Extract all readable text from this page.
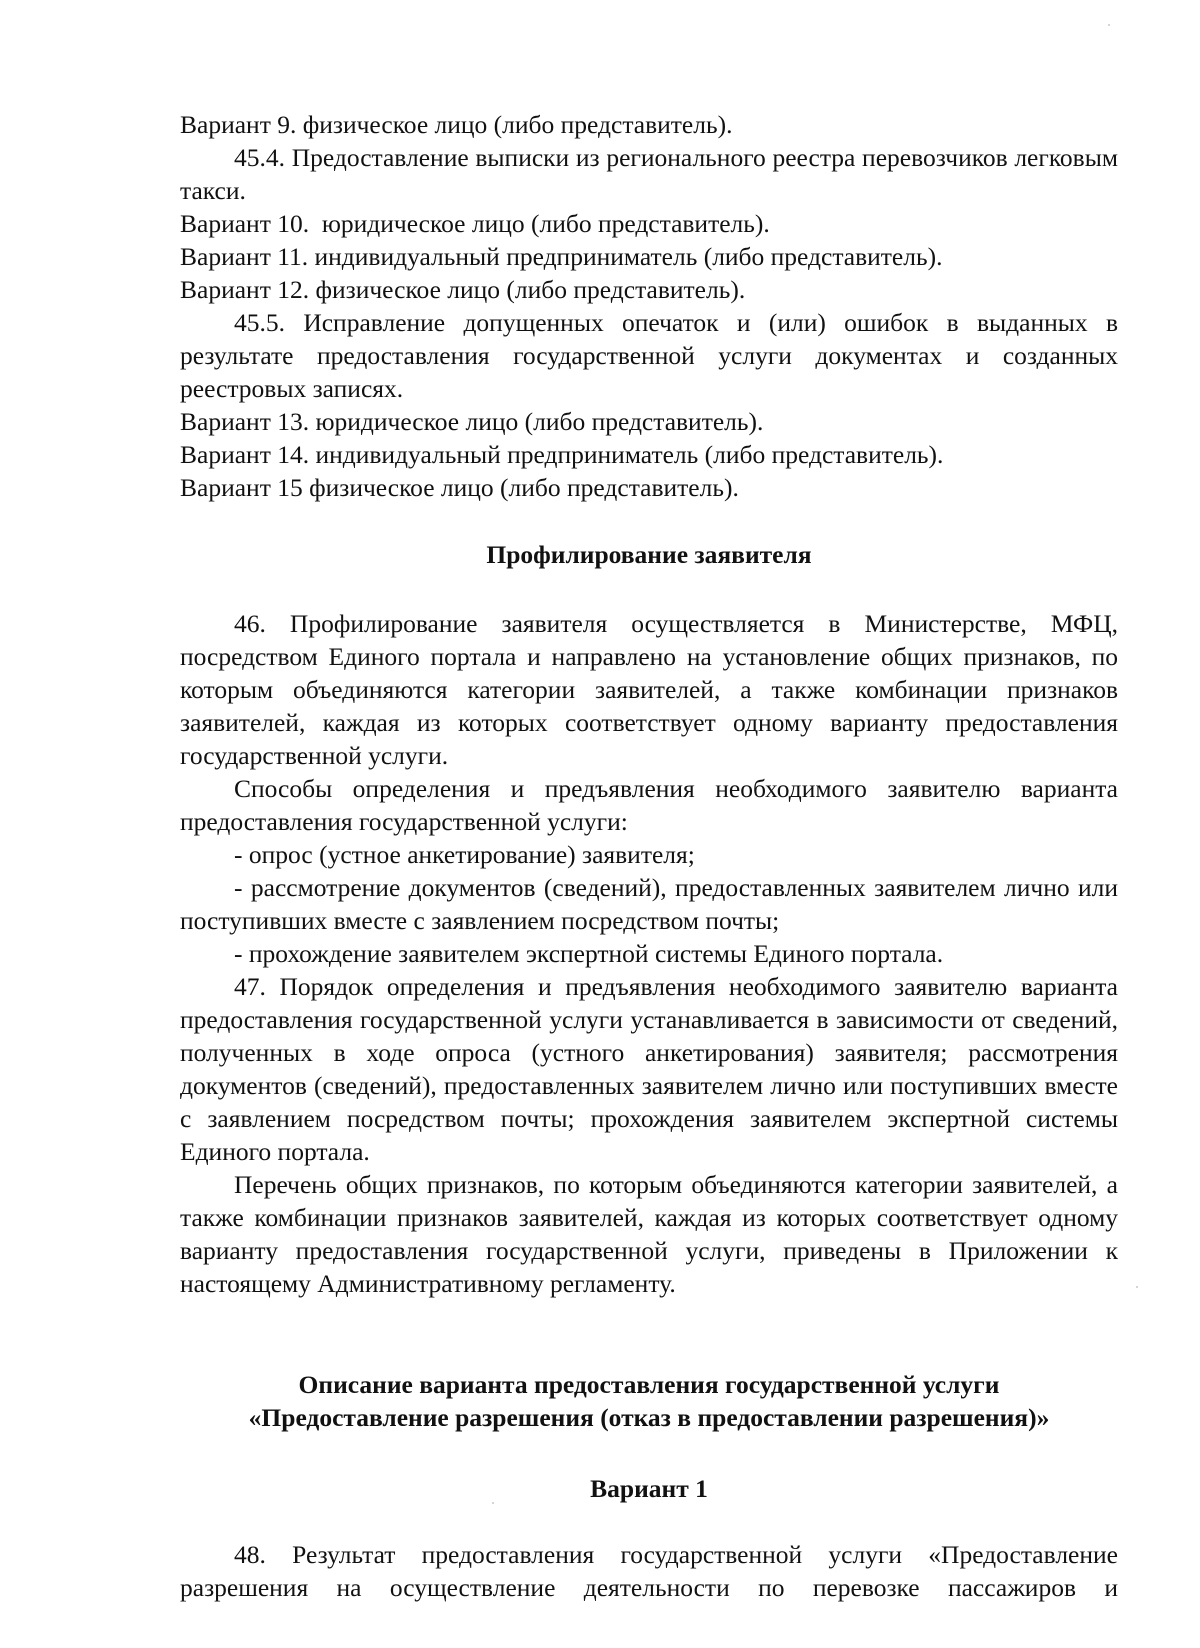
Вариант 9. физическое лицо (либо представитель).

45.4. Предоставление выписки из регионального реестра перевозчиков легковым такси.

Вариант 10.  юридическое лицо (либо представитель).

Вариант 11. индивидуальный предприниматель (либо представитель).

Вариант 12. физическое лицо (либо представитель).

45.5. Исправление допущенных опечаток и (или) ошибок в выданных в результате предоставления государственной услуги документах и созданных реестровых записях.

Вариант 13. юридическое лицо (либо представитель).

Вариант 14. индивидуальный предприниматель (либо представитель).

Вариант 15 физическое лицо (либо представитель).

Профилирование заявителя

46. Профилирование заявителя осуществляется в Министерстве, МФЦ, посредством Единого портала и направлено на установление общих признаков, по которым объединяются категории заявителей, а также комбинации признаков заявителей, каждая из которых соответствует одному варианту предоставления государственной услуги.

Способы определения и предъявления необходимого заявителю варианта предоставления государственной услуги:

- опрос (устное анкетирование) заявителя;

- рассмотрение документов (сведений), предоставленных заявителем лично или поступивших вместе с заявлением посредством почты;

- прохождение заявителем экспертной системы Единого портала.

47. Порядок определения и предъявления необходимого заявителю варианта предоставления государственной услуги устанавливается в зависимости от сведений, полученных в ходе опроса (устного анкетирования) заявителя; рассмотрения документов (сведений), предоставленных заявителем лично или поступивших вместе с заявлением посредством почты; прохождения заявителем экспертной системы Единого портала.

Перечень общих признаков, по которым объединяются категории заявителей, а также комбинации признаков заявителей, каждая из которых соответствует одному варианту предоставления государственной услуги, приведены в Приложении к настоящему Административному регламенту.

Описание варианта предоставления государственной услуги
«Предоставление разрешения (отказ в предоставлении разрешения)»
Вариант 1

48. Результат предоставления государственной услуги «Предоставление разрешения на осуществление деятельности по перевозке пассажиров и
